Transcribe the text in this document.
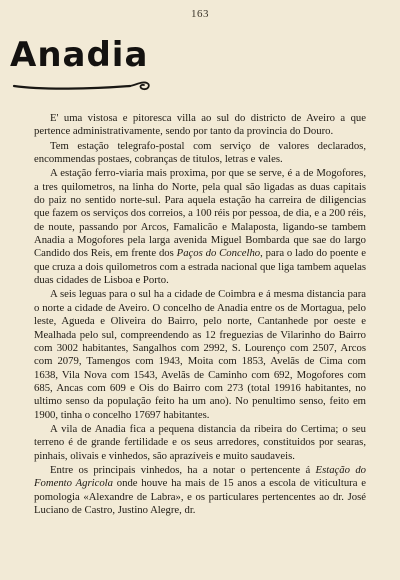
163
Anadia

E' uma vistosa e pitoresca villa ao sul do districto de Aveiro a que pertence administrativamente, sendo por tanto da provincia do Douro.

Tem estação telegrafo-postal com serviço de valores declarados, encommendas postaes, cobranças de titulos, letras e vales.

A estação ferro-viaria mais proxima, por que se serve, é a de Mogofores, a tres quilometros, na linha do Norte, pela qual são ligadas as duas capitais do paiz no sentido norte-sul. Para aquela estação ha carreira de diligencias que fazem os serviços dos correios, a 100 réis por pessoa, de dia, e a 200 réis, de noute, passando por Arcos, Famalicão e Malaposta, ligando-se tambem Anadia a Mogofores pela larga avenida Miguel Bombarda que sae do largo Candido dos Reis, em frente dos Paços do Concelho, para o lado do poente e que cruza a dois quilometros com a estrada nacional que liga tambem aquelas duas cidades de Lisboa e Porto.

A seis leguas para o sul ha a cidade de Coimbra e á mesma distancia para o norte a cidade de Aveiro. O concelho de Anadia entre os de Mortagua, pelo leste, Agueda e Oliveira do Bairro, pelo norte, Cantanhede por oeste e Mealhada pelo sul, compreendendo as 12 freguezias de Vilarinho do Bairro com 3002 habitantes, Sangalhos com 2992, S. Lourenço com 2507, Arcos com 2079, Tamengos com 1943, Moita com 1853, Avelãs de Cima com 1638, Vila Nova com 1543, Avelãs de Caminho com 692, Mogofores com 685, Ancas com 609 e Ois do Bairro com 273 (total 19916 habitantes, no ultimo senso da população feito ha um ano). No penultimo senso, feito em 1900, tinha o concelho 17697 habitantes.

A vila de Anadia fica a pequena distancia da ribeira do Certima; o seu terreno é de grande fertilidade e os seus arredores, constituidos por searas, pinhais, olivais e vinhedos, são aprazíveis e muito saudaveis.

Entre os principais vinhedos, ha a notar o pertencente á Estação do Fomento Agricola onde houve ha mais de 15 anos a escola de viticultura e pomologia «Alexandre de Labra», e os particulares pertencentes ao dr. José Luciano de Castro, Justino Alegre, dr.
